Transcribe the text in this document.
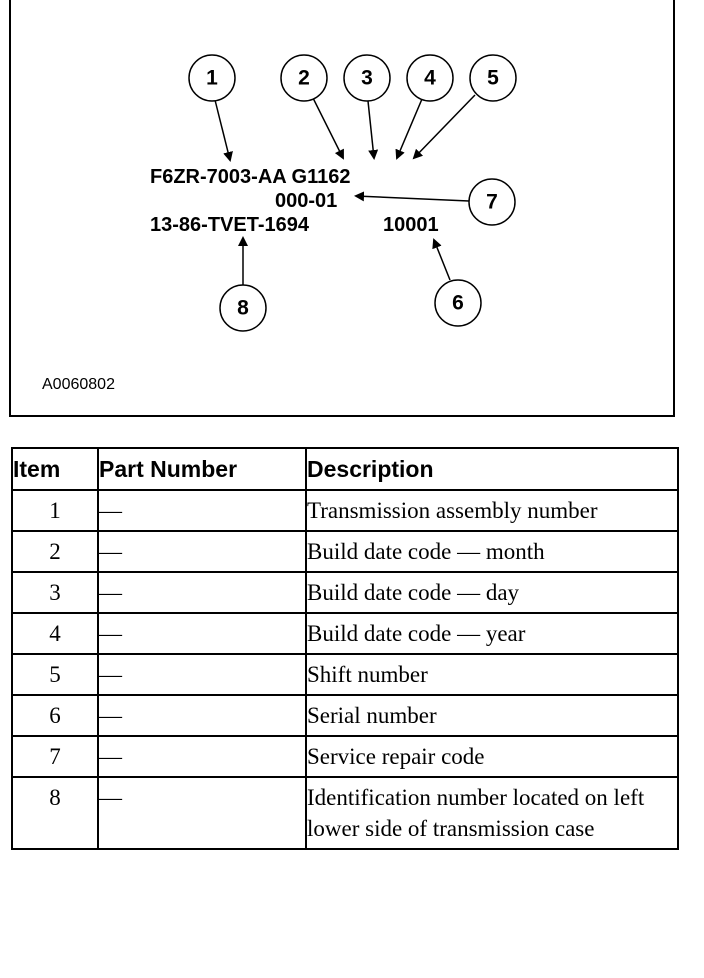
1	2 3 4 5
6
7
8
F6ZR-7003-AA G1162
000-01
13-86-TVET-1694	10001
A0060802
Item	Part Number	Description
1	—	Transmission assembly number
2	—	Build date code — month
3	—	Build date code — day
4	—	Build date code — year
5	—	Shift number
6	—	Serial number
7	—	Service repair code
8	—	Identification number located on left lower side of transmission case
